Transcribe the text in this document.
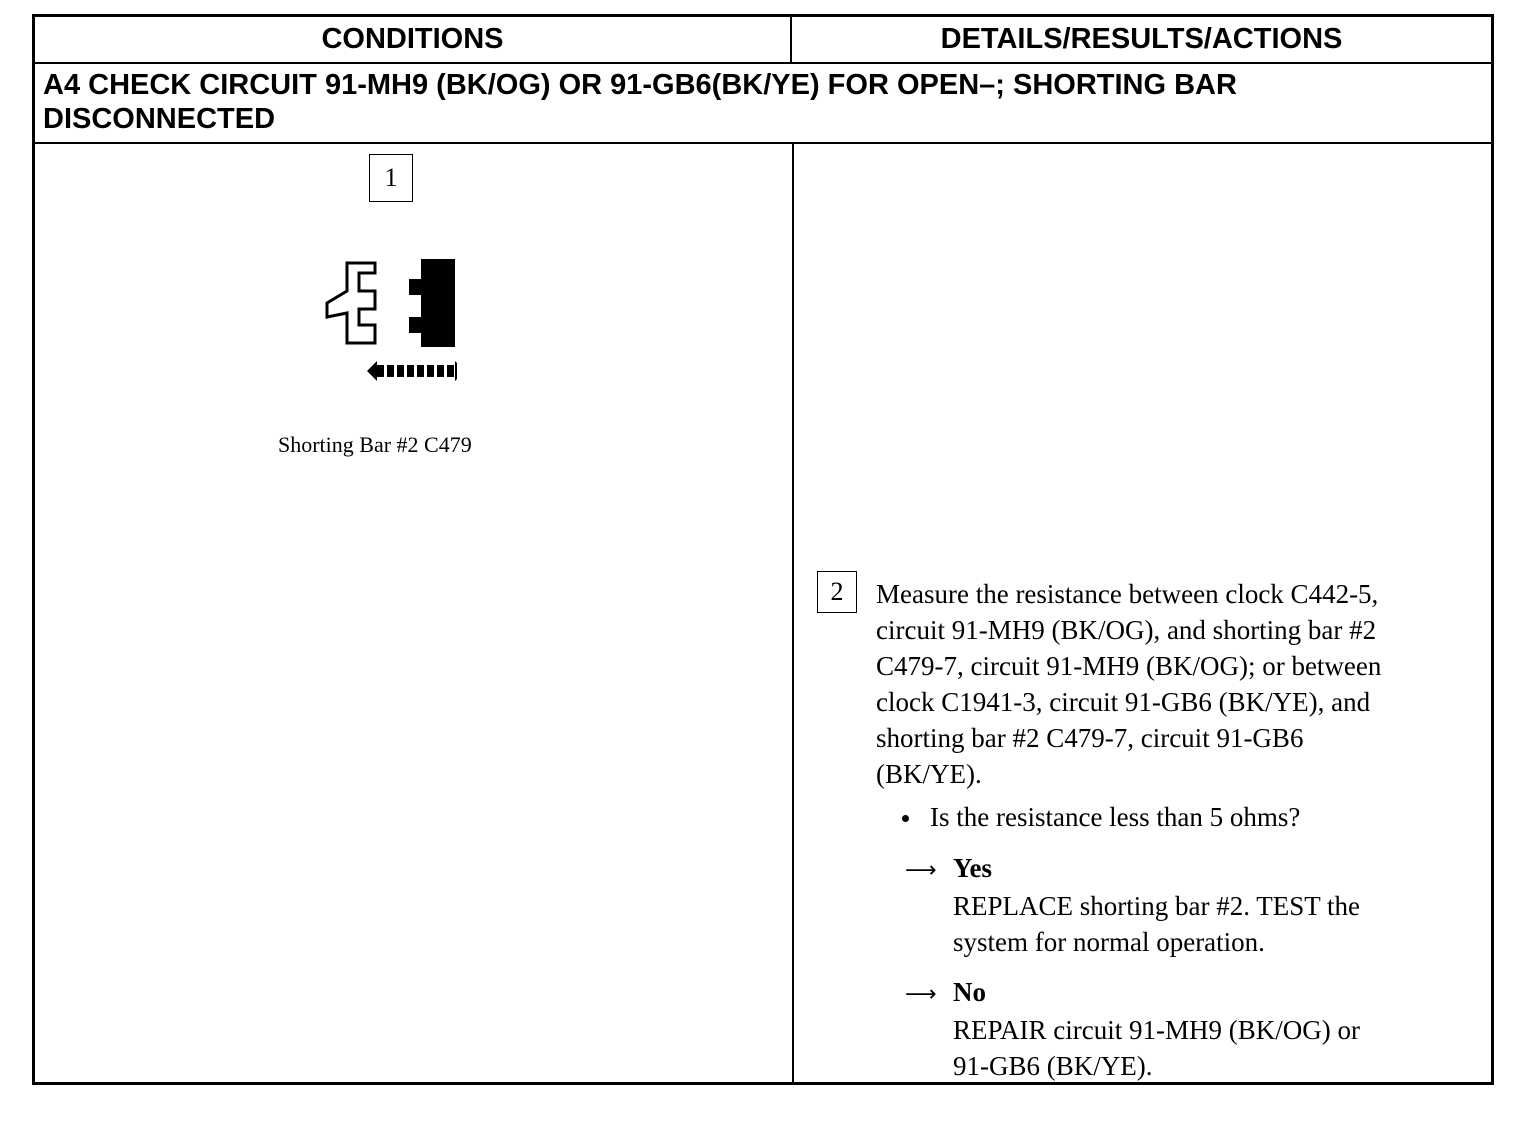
CONDITIONS	DETAILS/RESULTS/ACTIONS
A4 CHECK CIRCUIT 91-MH9 (BK/OG) OR 91-GB6(BK/YE) FOR OPEN–; SHORTING BAR
DISCONNECTED
1
Shorting Bar #2 C479
2	Measure the resistance between clock C442-5,
circuit 91-MH9 (BK/OG), and shorting bar #2
C479-7, circuit 91-MH9 (BK/OG); or between
clock C1941-3, circuit 91-GB6 (BK/YE), and
shorting bar #2 C479-7, circuit 91-GB6
(BK/YE).
Is the resistance less than 5 ohms?
⟶ Yes
REPLACE shorting bar #2. TEST the
system for normal operation.
⟶ No
REPAIR circuit 91-MH9 (BK/OG) or
91-GB6 (BK/YE).
